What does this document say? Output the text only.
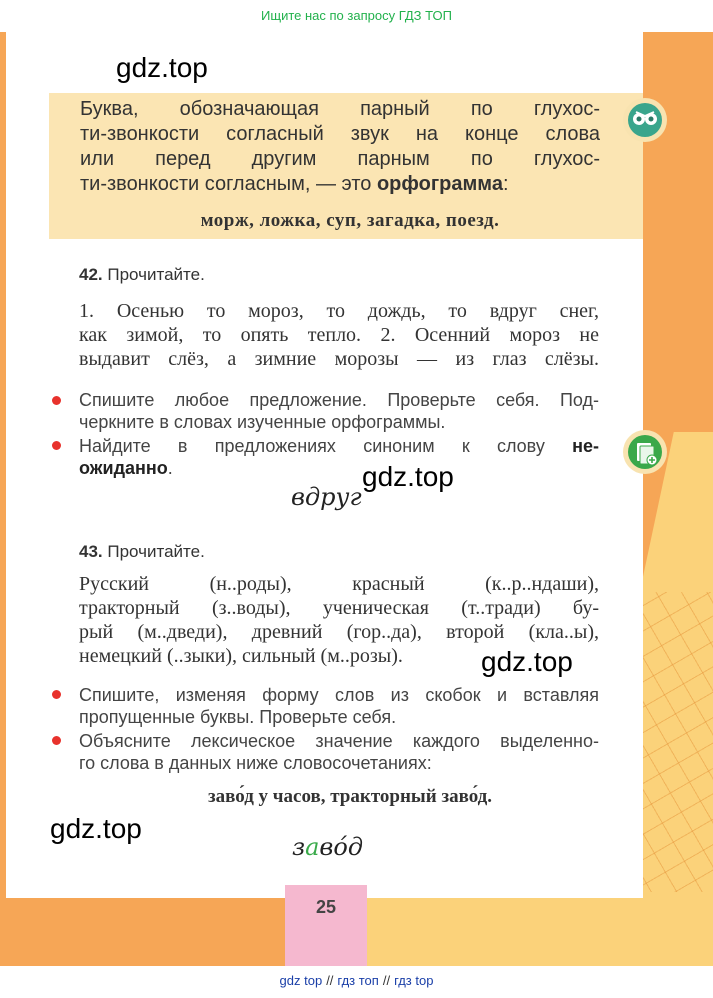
Ищите нас по запросу ГДЗ ТОП
gdz.top
Буква, обозначающая парный по глухос-
ти-звонкости согласный звук на конце слова
или перед другим парным по глухос-
ти-звонкости согласным, — это орфограмма:
морж, ложка, суп, загадка, поезд.
42. Прочитайте.
1. Осенью то мороз, то дождь, то вдруг снег,
как зимой, то опять тепло. 2. Осенний мороз не
выдавит слёз, а зимние морозы — из глаз слёзы.
Спишите любое предложение. Проверьте себя. Под-
черкните в словах изученные орфограммы.
Найдите в предложениях синоним к слову не-
ожиданно.	gdz.top
вдруг
43. Прочитайте.
Русский (н..роды), красный (к..р..ндаши),
тракторный (з..воды), ученическая (т..тради) бу-
рый (м..дведи), древний (гор..да), второй (кла..ы),
немецкий (..зыки), сильный (м..розы).	gdz.top
Спишите, изменяя форму слов из скобок и вставляя
пропущенные буквы. Проверьте себя.
Объясните лексическое значение каждого выделенно-
го слова в данных ниже словосочетаниях:
заво́д у часов, тракторный заво́д.
gdz.top
заво́д
25
gdz top // гдз топ // гдз top
